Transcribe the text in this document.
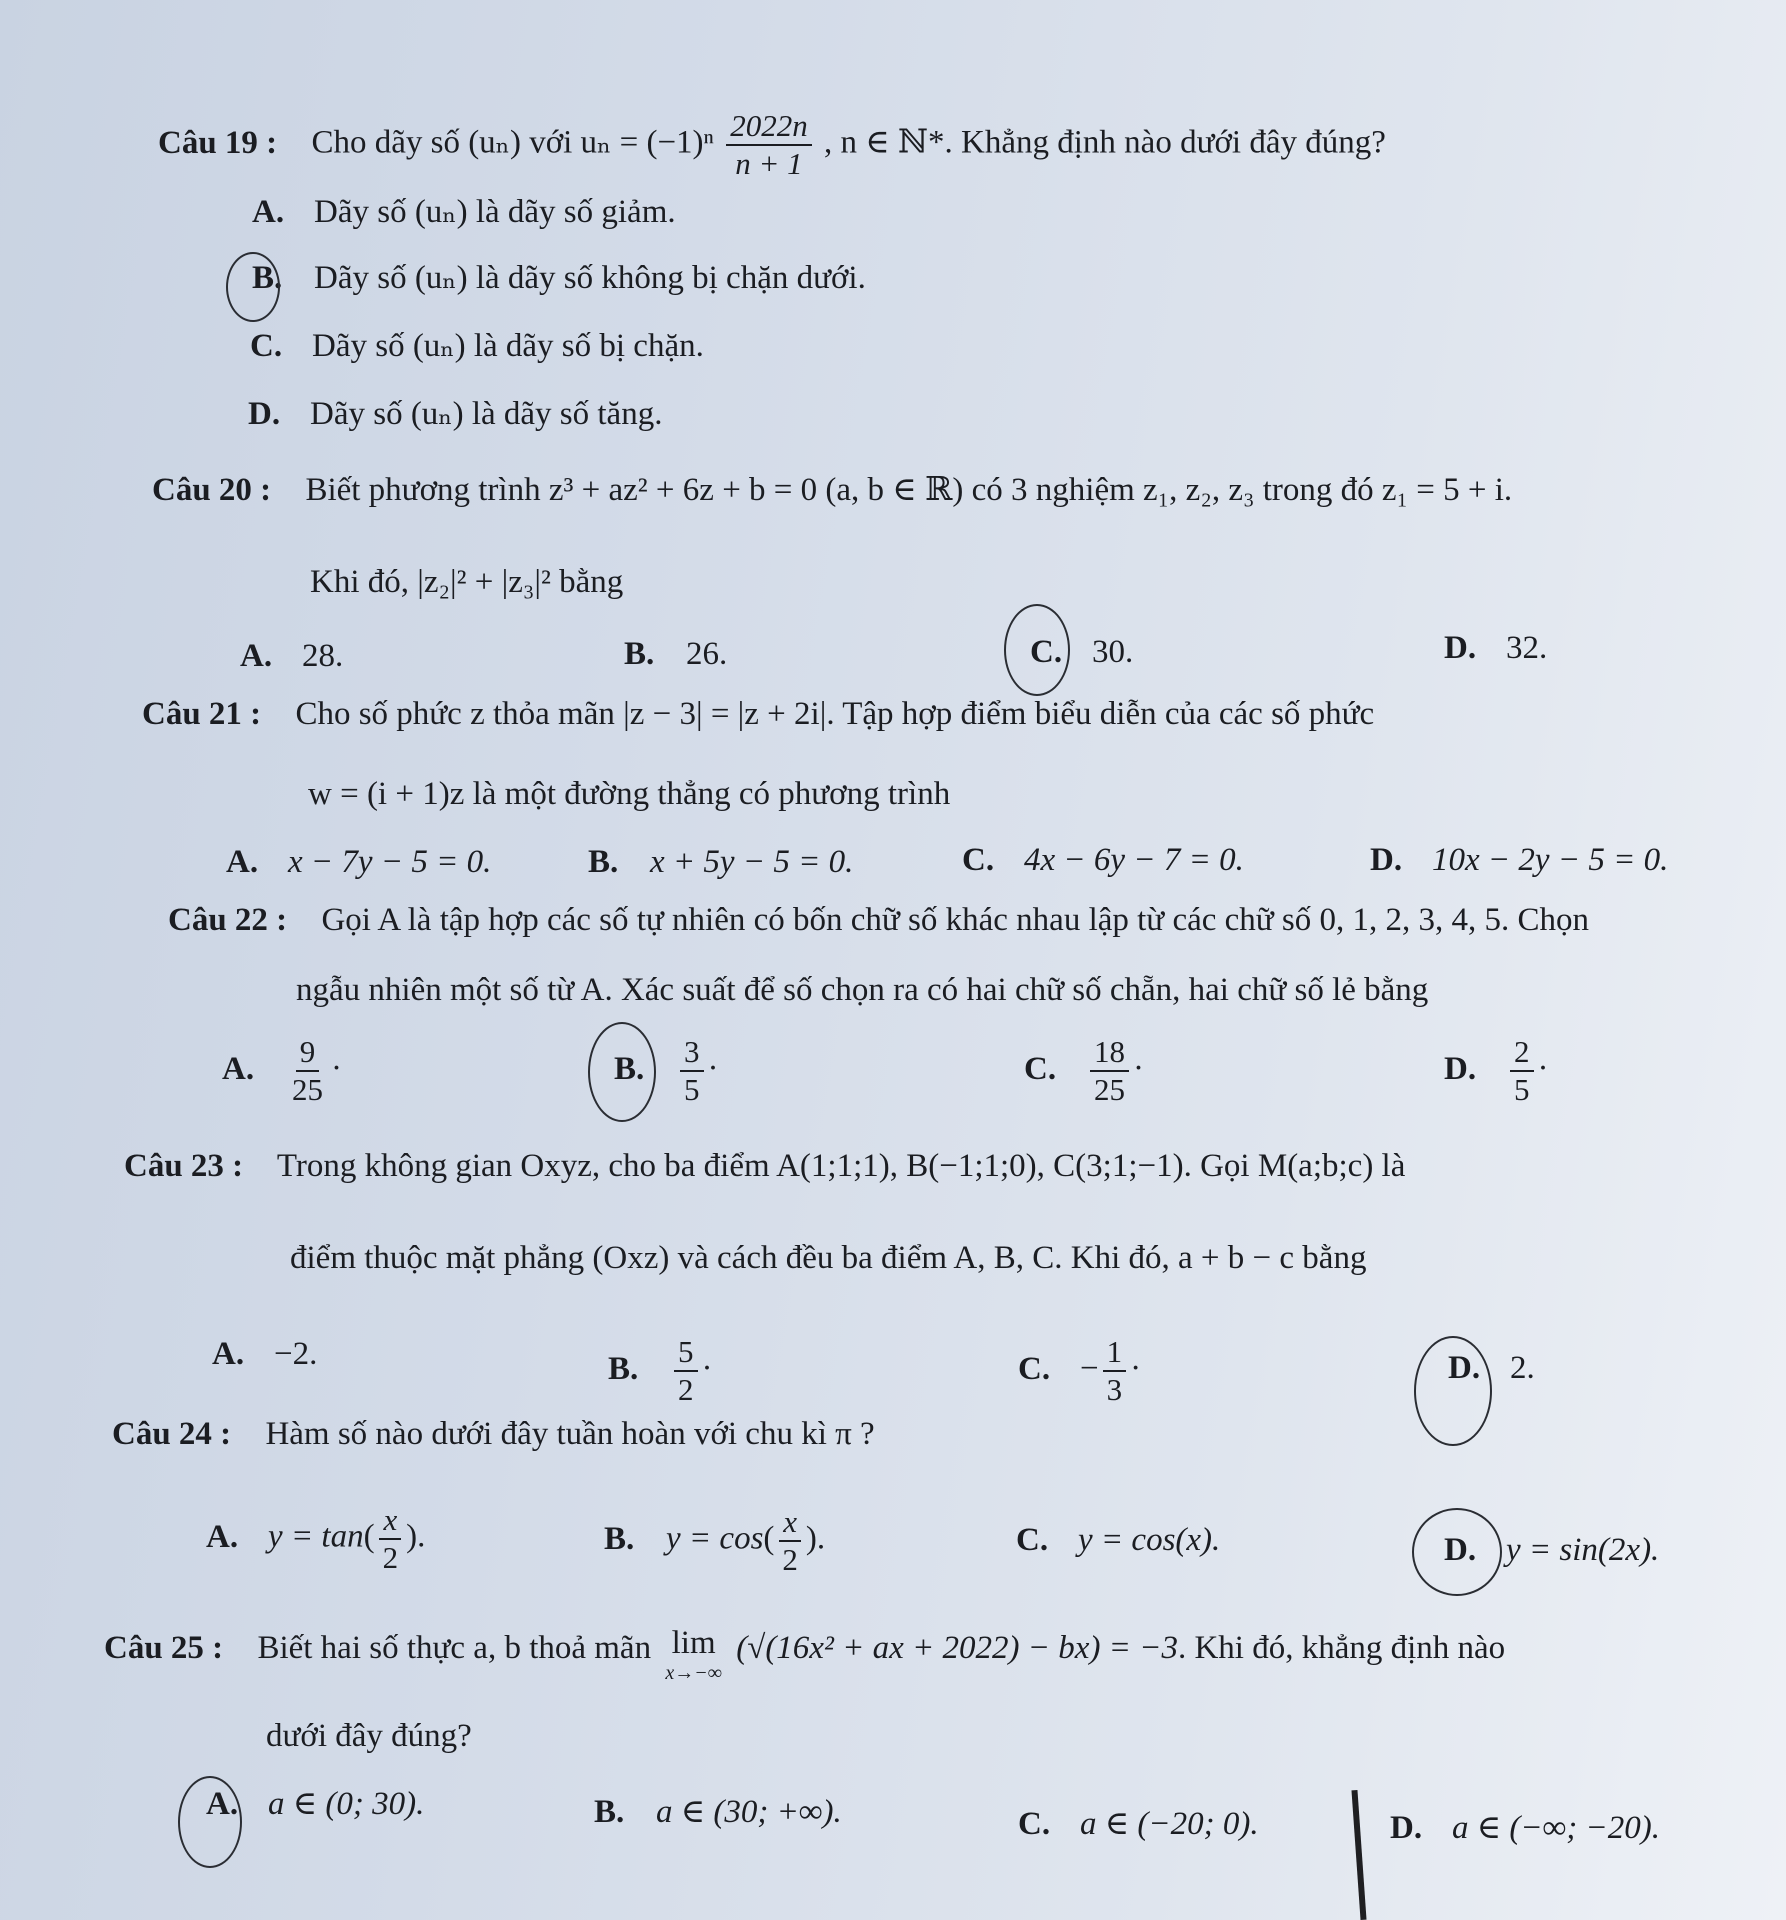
Câu 19 : Cho dãy số (uₙ) với $u_n = (-1)^n \frac{2022n}{n + 1}$ , n ∈ ℕ*. Khẳng định nào dưới đây đúng?
A. Dãy số (uₙ) là dãy số giảm.
B. Dãy số (uₙ) là dãy số không bị chặn dưới.
C. Dãy số (uₙ) là dãy số bị chặn.
D. Dãy số (uₙ) là dãy số tăng.
Câu 20 : Biết phương trình z³ + az² + 6z + b = 0 (a, b ∈ ℝ) có 3 nghiệm z₁, z₂, z₃ trong đó z₁ = 5 + i.
Khi đó, |z₂|² + |z₃|² bằng
A. 28.	B. 26.	C. 30.	D. 32.
Câu 21 : Cho số phức z thỏa mãn |z − 3| = |z + 2i|. Tập hợp điểm biểu diễn của các số phức
w = (i + 1)z là một đường thẳng có phương trình
A. x − 7y − 5 = 0.	B. x + 5y − 5 = 0.	C. 4x − 6y − 7 = 0.	D. 10x − 2y − 5 = 0.
Câu 22 : Gọi A là tập hợp các số tự nhiên có bốn chữ số khác nhau lập từ các chữ số 0, 1, 2, 3, 4, 5. Chọn
ngẫu nhiên một số từ A. Xác suất để số chọn ra có hai chữ số chẵn, hai chữ số lẻ bằng
A. $\frac{9}{25}$ ·	B. $\frac{3}{5}$ ·	C. $\frac{18}{25}$ ·	D. $\frac{2}{5}$ ·
Câu 23 : Trong không gian Oxyz, cho ba điểm A(1;1;1), B(−1;1;0), C(3;1;−1). Gọi M(a;b;c) là
điểm thuộc mặt phẳng (Oxz) và cách đều ba điểm A, B, C. Khi đó, a + b − c bằng
A. −2.	B. $\frac{5}{2}$ ·	C. − $\frac{1}{3}$ ·	D. 2.
Câu 24 : Hàm số nào dưới đây tuần hoàn với chu kì π ?
A. $y = \tan( \frac{x}{2}$ ).	B. $y = \cos( \frac{x}{2}$ ).	C. y = cos(x).	D. y = sin(2x).
Câu 25 : Biết hai số thực a, b thoả mãn lim
x→−∞
(√(16x² + ax + 2022) − bx) = −3. Khi đó, khẳng định nào
dưới đây đúng?
A. a ∈ (0; 30).	B. a ∈ (30; +∞).	C. a ∈ (−20; 0).	D. a ∈ (−∞; −20).
